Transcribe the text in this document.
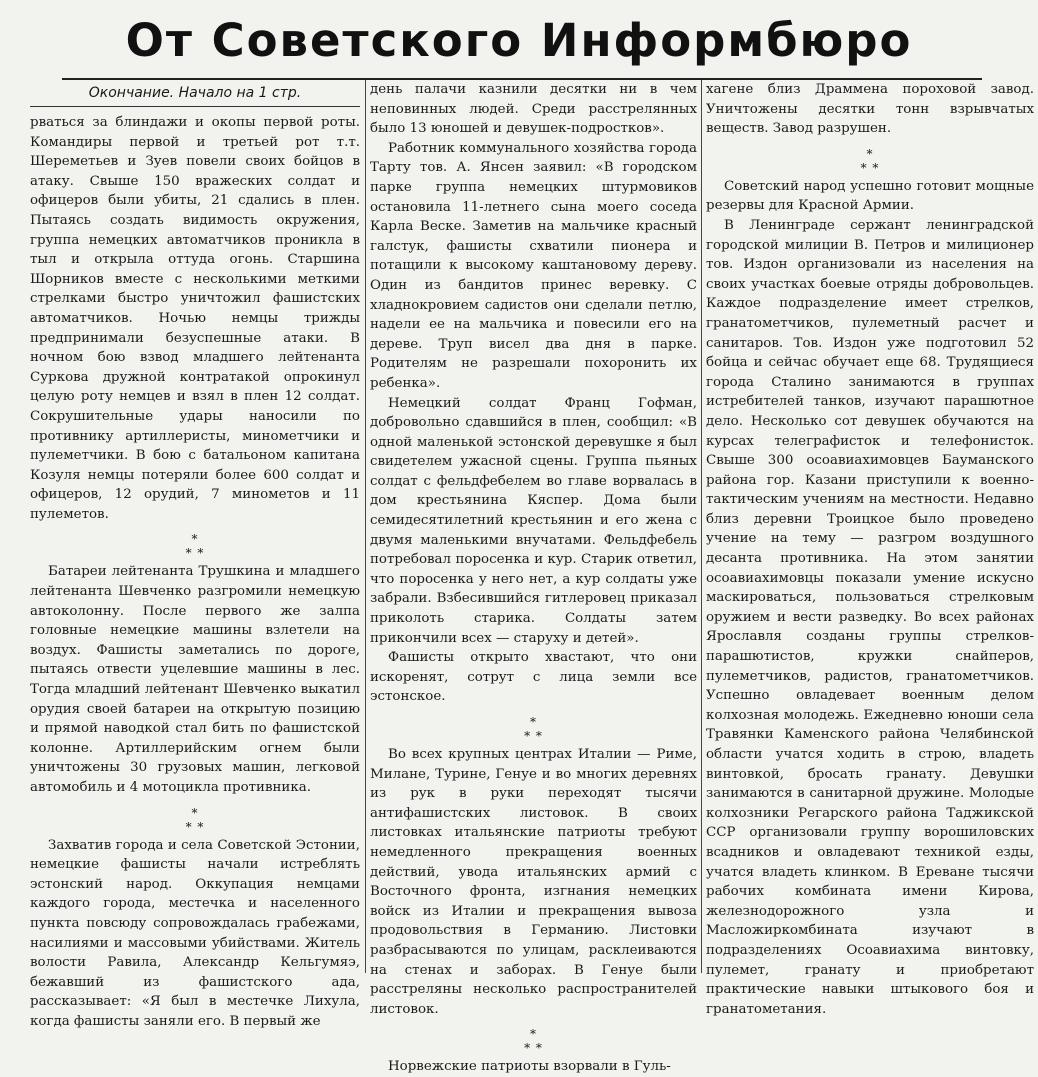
От Советского Информбюро
Окончание. Начало на 1 стр.

рваться за блиндажи и окопы первой роты. Командиры первой и третьей рот т.т. Шереметьев и Зуев повели своих бойцов в атаку. Свыше 150 вражеских солдат и офицеров были убиты, 21 сдались в плен. Пытаясь создать видимость окружения, группа немецких автоматчиков проникла в тыл и открыла оттуда огонь. Старшина Шорников вместе с несколькими меткими стрелками быстро уничтожил фашистских автоматчиков. Ночью немцы трижды предпринимали безуспешные атаки. В ночном бою взвод младшего лейтенанта Суркова дружной контратакой опрокинул целую роту немцев и взял в плен 12 солдат. Сокрушительные удары наносили по противнику артиллеристы, минометчики и пулеметчики. В бою с батальоном капитана Козуля немцы потеряли более 600 солдат и офицеров, 12 орудий, 7 минометов и 11 пулеметов.

*
* *

Батареи лейтенанта Трушкина и младшего лейтенанта Шевченко разгромили немецкую автоколонну. После первого же залпа головные немецкие машины взлетели на воздух. Фашисты заметались по дороге, пытаясь отвести уцелевшие машины в лес. Тогда младший лейтенант Шевченко выкатил орудия своей батареи на открытую позицию и прямой наводкой стал бить по фашистской колонне. Артиллерийским огнем были уничтожены 30 грузовых машин, легковой автомобиль и 4 мотоцикла противника.

*
* *

Захватив города и села Советской Эстонии, немецкие фашисты начали истреблять эстонский народ. Оккупация немцами каждого города, местечка и населенного пункта повсюду сопровождалась грабежами, насилиями и массовыми убийствами. Житель волости Равила, Александр Кельгумяэ, бежавший из фашистского ада, рассказывает: «Я был в местечке Лихула, когда фашисты заняли его. В первый же

день палачи казнили десятки ни в чем неповинных людей. Среди расстрелянных было 13 юношей и девушек-подростков».

Работник коммунального хозяйства города Тарту тов. А. Янсен заявил: «В городском парке группа немецких штурмовиков остановила 11-летнего сына моего соседа Карла Веске. Заметив на мальчике красный галстук, фашисты схватили пионера и потащили к высокому каштановому дереву. Один из бандитов принес веревку. С хладнокровием садистов они сделали петлю, надели ее на мальчика и повесили его на дереве. Труп висел два дня в парке. Родителям не разрешали похоронить их ребенка».

Немецкий солдат Франц Гофман, добровольно сдавшийся в плен, сообщил: «В одной маленькой эстонской деревушке я был свидетелем ужасной сцены. Группа пьяных солдат с фельдфебелем во главе ворвалась в дом крестьянина Кяспер. Дома были семидесятилетний крестьянин и его жена с двумя маленькими внучатами. Фельдфебель потребовал поросенка и кур. Старик ответил, что поросенка у него нет, а кур солдаты уже забрали. Взбесившийся гитлеровец приказал приколоть старика. Солдаты затем прикончили всех — старуху и детей».

Фашисты открыто хвастают, что они искоренят, сотрут с лица земли все эстонское.

*
* *

Во всех крупных центрах Италии — Риме, Милане, Турине, Генуе и во многих деревнях из рук в руки переходят тысячи антифашистских листовок. В своих листовках итальянские патриоты требуют немедленного прекращения военных действий, увода итальянских армий с Восточного фронта, изгнания немецких войск из Италии и прекращения вывоза продовольствия в Германию. Листовки разбрасываются по улицам, расклеиваются на стенах и заборах. В Генуе были расстреляны несколько распространителей листовок.

*
* *

Норвежские патриоты взорвали в Гуль-

хагене близ Драммена пороховой завод. Уничтожены десятки тонн взрывчатых веществ. Завод разрушен.

*
* *

Советский народ успешно готовит мощные резервы для Красной Армии.

В Ленинграде сержант ленинградской городской милиции В. Петров и милиционер тов. Издон организовали из населения на своих участках боевые отряды добровольцев. Каждое подразделение имеет стрелков, гранатометчиков, пулеметный расчет и санитаров. Тов. Издон уже подготовил 52 бойца и сейчас обучает еще 68. Трудящиеся города Сталино занимаются в группах истребителей танков, изучают парашютное дело. Несколько сот девушек обучаются на курсах телеграфисток и телефонисток. Свыше 300 осоавиахимовцев Бауманского района гор. Казани приступили к военно-тактическим учениям на местности. Недавно близ деревни Троицкое было проведено учение на тему — разгром воздушного десанта противника. На этом занятии осоавиахимовцы показали умение искусно маскироваться, пользоваться стрелковым оружием и вести разведку. Во всех районах Ярославля созданы группы стрелков-парашютистов, кружки снайперов, пулеметчиков, радистов, гранатометчиков. Успешно овладевает военным делом колхозная молодежь. Ежедневно юноши села Травянки Каменского района Челябинской области учатся ходить в строю, владеть винтовкой, бросать гранату. Девушки занимаются в санитарной дружине. Молодые колхозники Регарского района Таджикской ССР организовали группу ворошиловских всадников и овладевают техникой езды, учатся владеть клинком. В Ереване тысячи рабочих комбината имени Кирова, железнодорожного узла и Масложиркомбината изучают в подразделениях Осоавиахима винтовку, пулемет, гранату и приобретают практические навыки штыкового боя и гранатометания.
